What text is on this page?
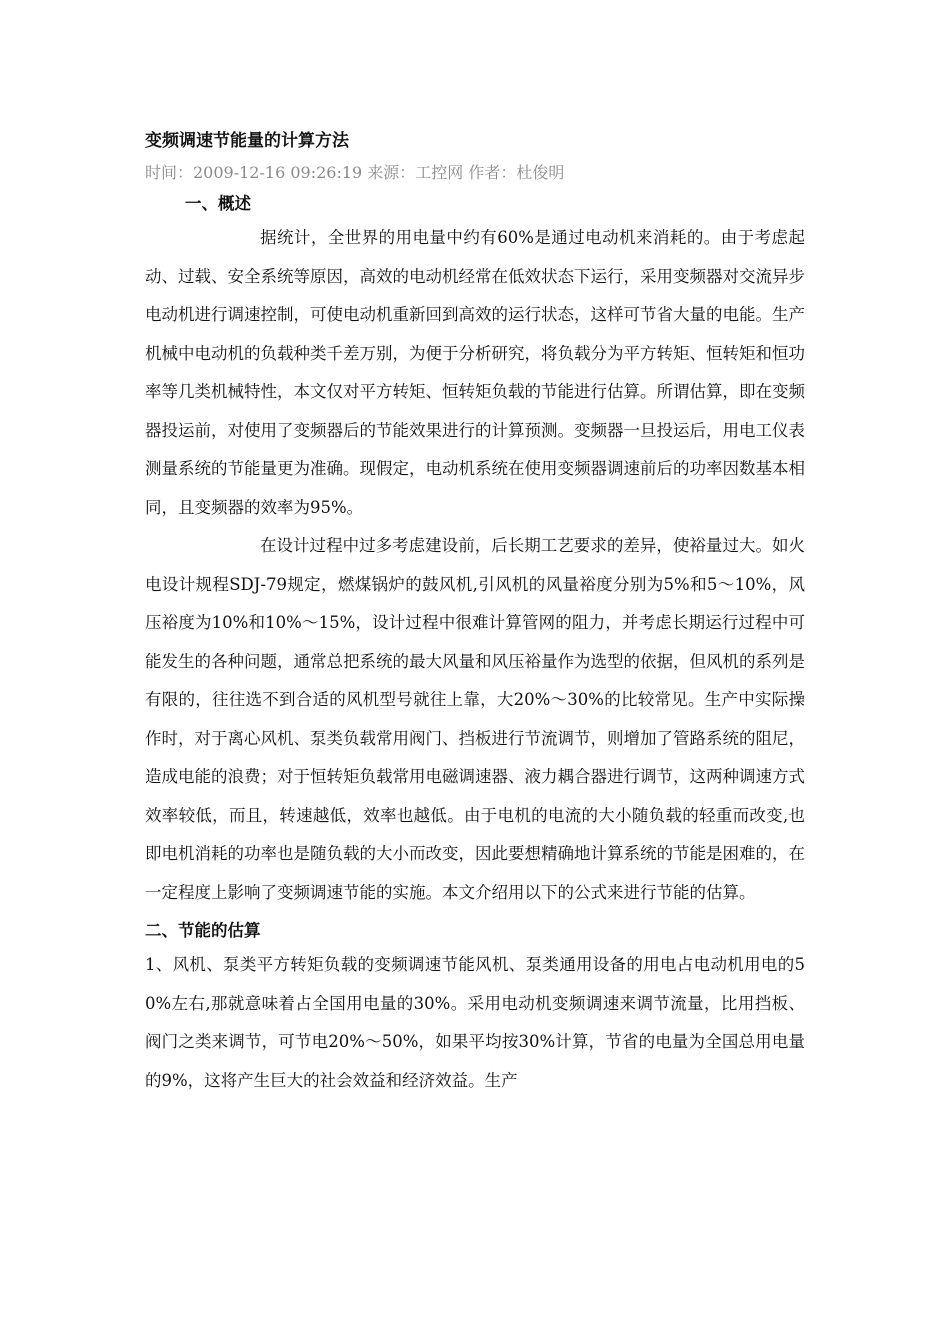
变频调速节能量的计算方法
时间：2009-12-16 09:26:19 来源：工控网 作者：杜俊明
一、概述

据统计，全世界的用电量中约有60%是通过电动机来消耗的。由于考虑起动、过载、安全系统等原因，高效的电动机经常在低效状态下运行，采用变频器对交流异步电动机进行调速控制，可使电动机重新回到高效的运行状态，这样可节省大量的电能。生产机械中电动机的负载种类千差万别，为便于分析研究，将负载分为平方转矩、恒转矩和恒功率等几类机械特性，本文仅对平方转矩、恒转矩负载的节能进行估算。所谓估算，即在变频器投运前，对使用了变频器后的节能效果进行的计算预测。变频器一旦投运后，用电工仪表测量系统的节能量更为准确。现假定，电动机系统在使用变频器调速前后的功率因数基本相同，且变频器的效率为95%。

在设计过程中过多考虑建设前，后长期工艺要求的差异，使裕量过大。如火电设计规程SDJ-79规定，燃煤锅炉的鼓风机,引风机的风量裕度分别为5%和5～10%，风压裕度为10%和10%～15%，设计过程中很难计算管网的阻力，并考虑长期运行过程中可能发生的各种问题，通常总把系统的最大风量和风压裕量作为选型的依据，但风机的系列是有限的，往往选不到合适的风机型号就往上靠，大20%～30%的比较常见。生产中实际操作时，对于离心风机、泵类负载常用阀门、挡板进行节流调节，则增加了管路系统的阻尼，造成电能的浪费；对于恒转矩负载常用电磁调速器、液力耦合器进行调节，这两种调速方式效率较低，而且，转速越低，效率也越低。由于电机的电流的大小随负载的轻重而改变,也即电机消耗的功率也是随负载的大小而改变，因此要想精确地计算系统的节能是困难的，在一定程度上影响了变频调速节能的实施。本文介绍用以下的公式来进行节能的估算。

二、节能的估算

1、风机、泵类平方转矩负载的变频调速节能风机、泵类通用设备的用电占电动机用电的50%左右,那就意味着占全国用电量的30%。采用电动机变频调速来调节流量，比用挡板、阀门之类来调节，可节电20%～50%，如果平均按30%计算，节省的电量为全国总用电量的9%，这将产生巨大的社会效益和经济效益。生产
